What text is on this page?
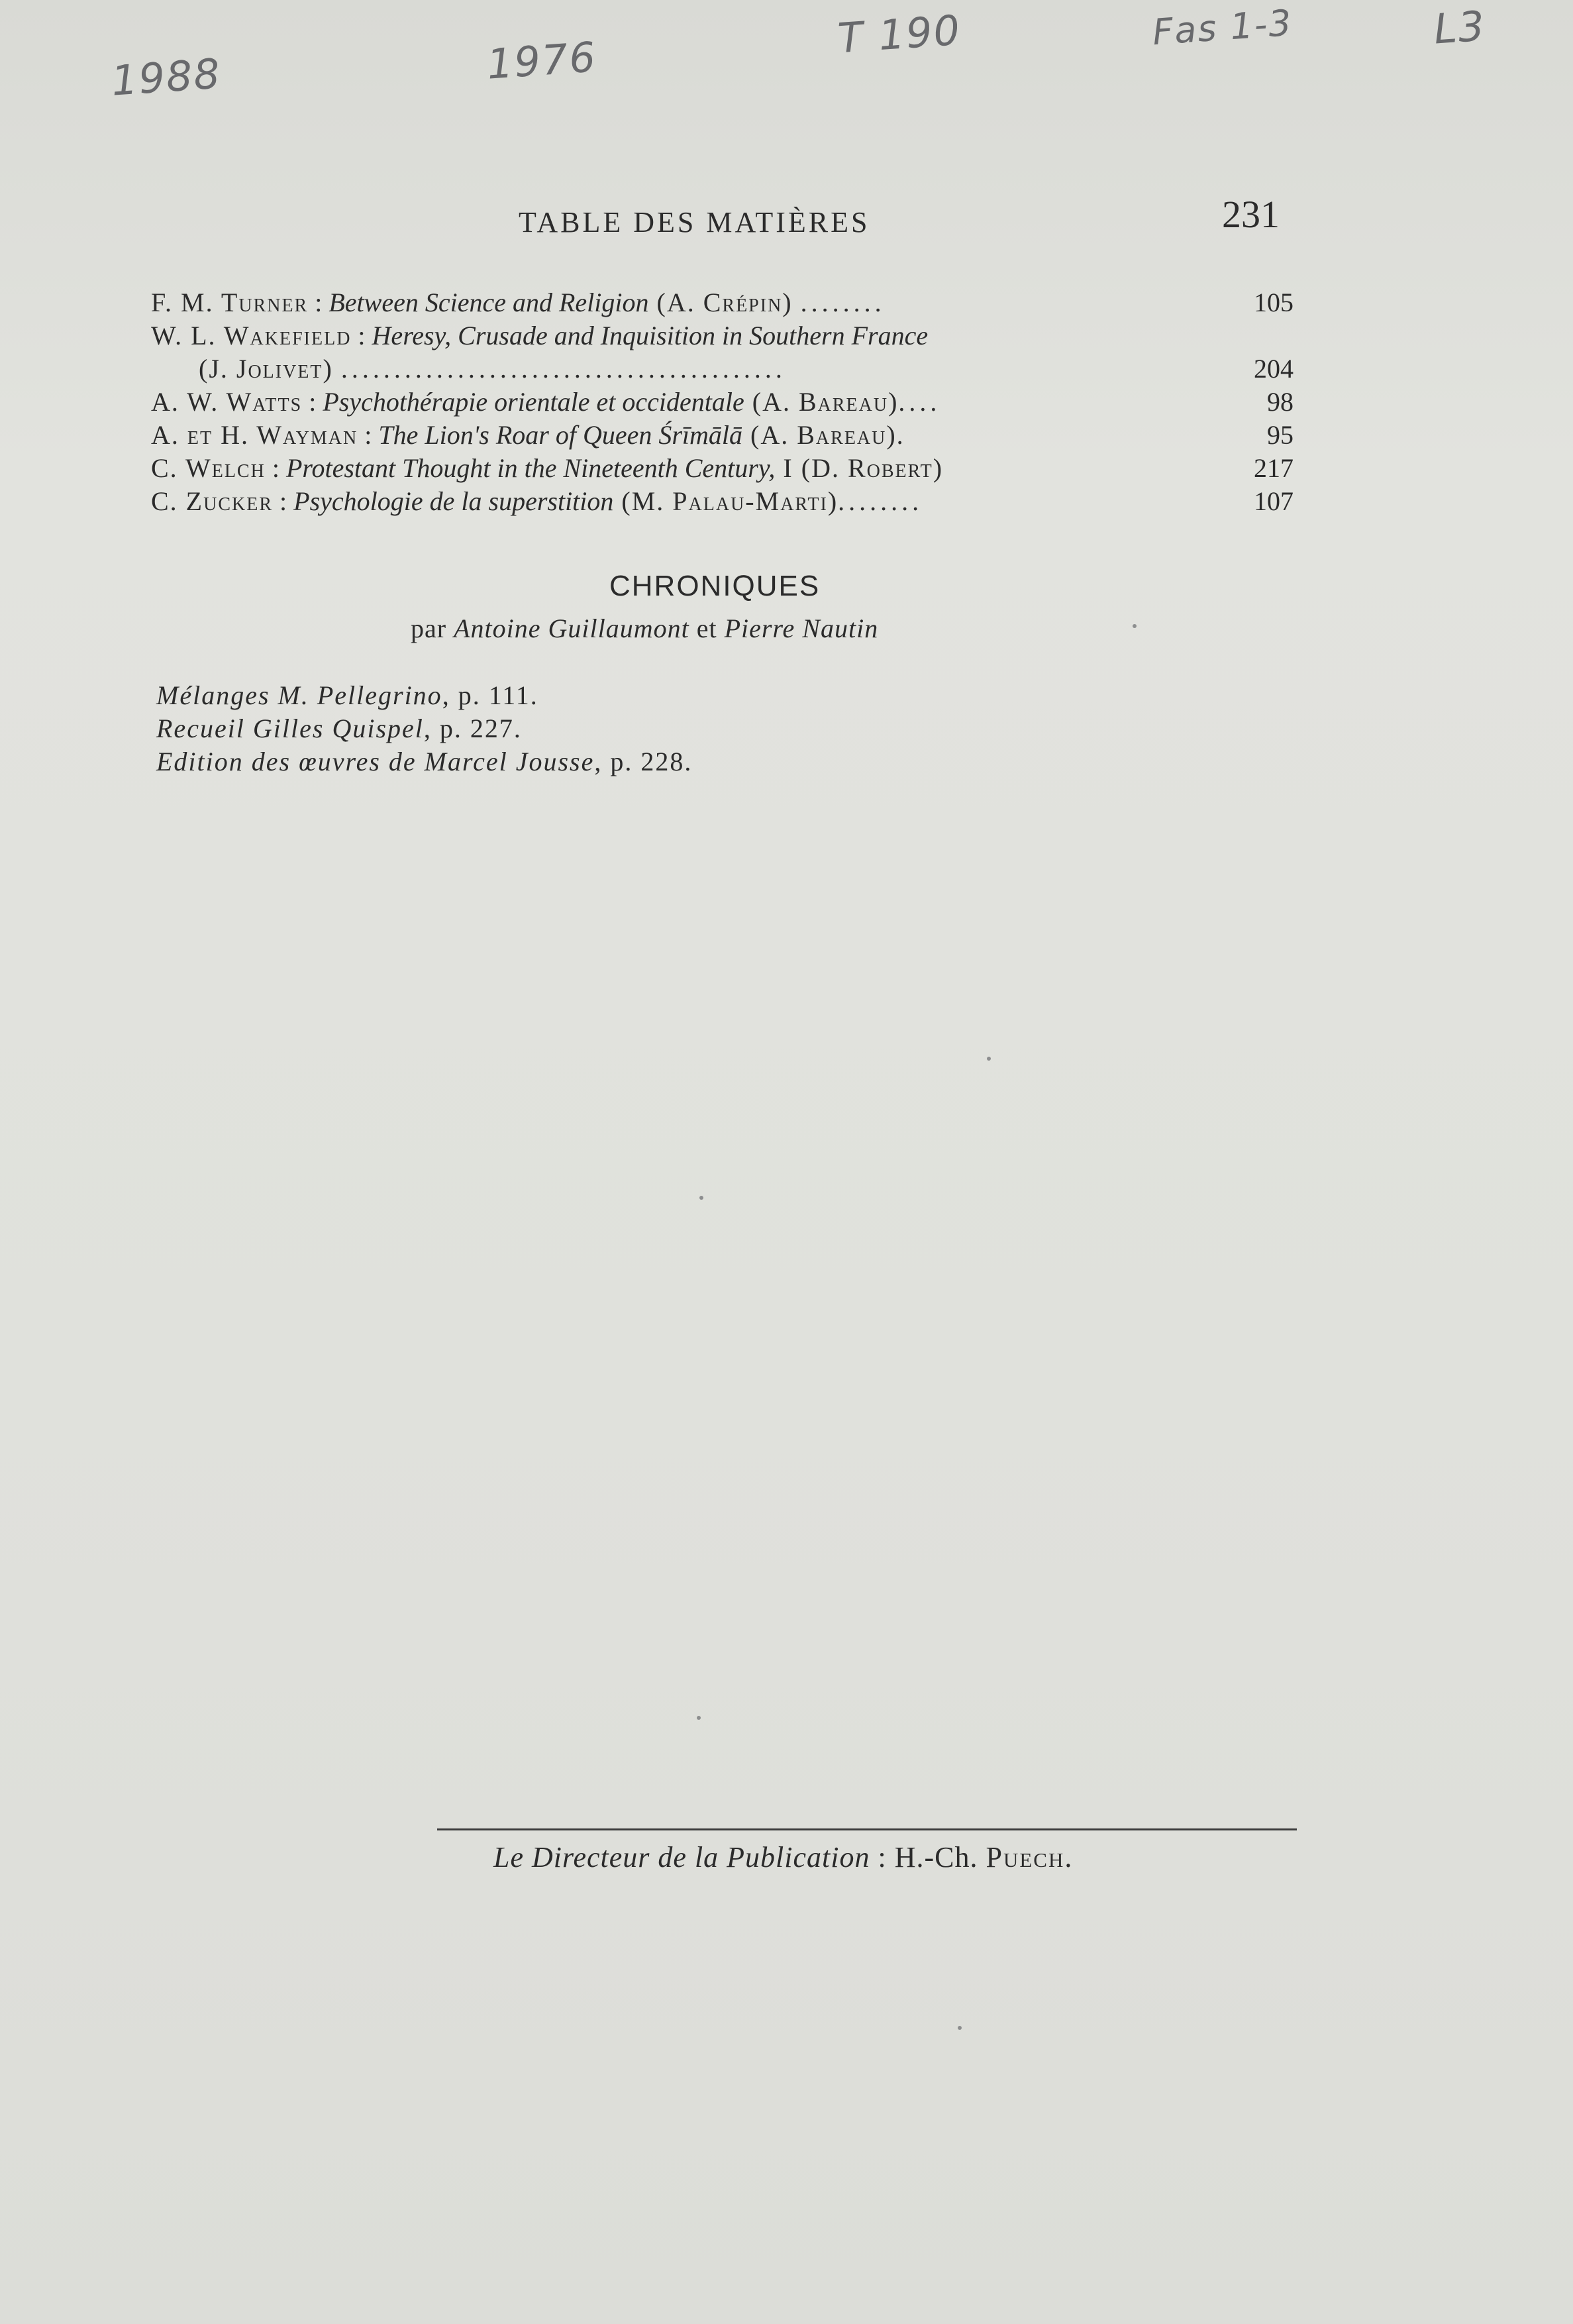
1988	1976	T 190	Fas 1-3	L3
TABLE DES MATIÈRES	231
F. M. Turner : Between Science and Religion (A. Crépin) ........	105
W. L. Wakefield : Heresy, Crusade and Inquisition in Southern France
(J. Jolivet) ..........................................	204
A. W. Watts : Psychothérapie orientale et occidentale (A. Bareau)....	98
A. et H. Wayman : The Lion's Roar of Queen Śrīmālā (A. Bareau).	95
C. Welch : Protestant Thought in the Nineteenth Century, I (D. Robert)	217
C. Zucker : Psychologie de la superstition (M. Palau-Marti)........	107
CHRONIQUES
par Antoine Guillaumont et Pierre Nautin
Mélanges M. Pellegrino, p. 111.
Recueil Gilles Quispel, p. 227.
Edition des œuvres de Marcel Jousse, p. 228.
Le Directeur de la Publication : H.-Ch. Puech.
